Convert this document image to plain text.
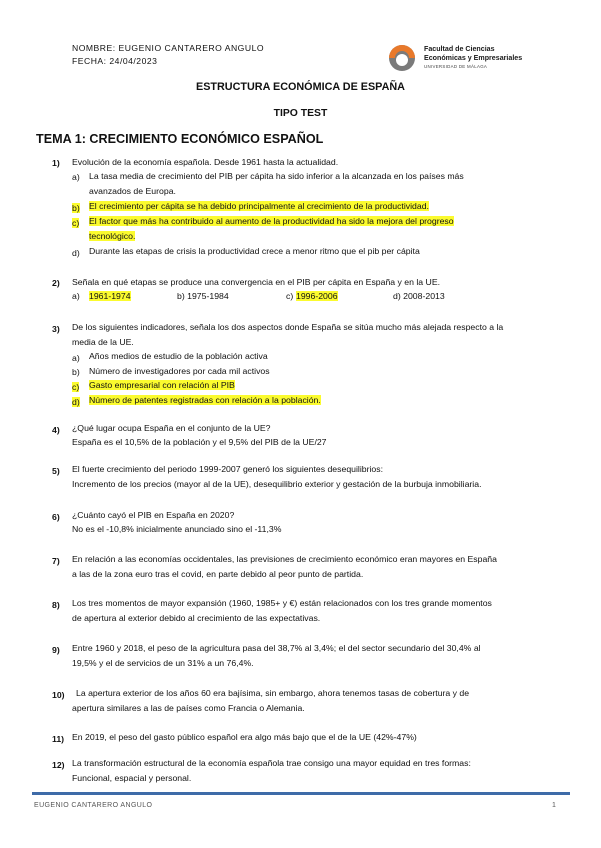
NOMBRE: EUGENIO CANTARERO ANGULO
FECHA: 24/04/2023
Facultad de Ciencias
Económicas y Empresariales
UNIVERSIDAD DE MÁLAGA
ESTRUCTURA ECONÓMICA DE ESPAÑA
TIPO TEST
TEMA 1: CRECIMIENTO ECONÓMICO ESPAÑOL
1) Evolución de la economía española. Desde 1961 hasta la actualidad.
a) La tasa media de crecimiento del PIB per cápita ha sido inferior a la alcanzada en los países más
avanzados de Europa.
b) El crecimiento per cápita se ha debido principalmente al crecimiento de la productividad.
c) El factor que más ha contribuido al aumento de la productividad ha sido la mejora del progreso
tecnológico.
d) Durante las etapas de crisis la productividad crece a menor ritmo que el pib per cápita
2) Señala en qué etapas se produce una convergencia en el PIB per cápita en España y en la UE.
a) 1961-1974	b) 1975-1984	c) 1996-2006	d) 2008-2013
3) De los siguientes indicadores, señala los dos aspectos donde España se sitúa mucho más alejada respecto a la
media de la UE.
a) Años medios de estudio de la población activa
b) Número de investigadores por cada mil activos
c) Gasto empresarial con relación al PIB
d) Número de patentes registradas con relación a la población.
4) ¿Qué lugar ocupa España en el conjunto de la UE?
España es el 10,5% de la población y el 9,5% del PIB de la UE/27
5) El fuerte crecimiento del periodo 1999-2007 generó los siguientes desequilibrios:
Incremento de los precios (mayor al de la UE), desequilibrio exterior y gestación de la burbuja inmobiliaria.
6) ¿Cuánto cayó el PIB en España en 2020?
No es el -10,8% inicialmente anunciado sino el -11,3%
7) En relación a las economías occidentales, las previsiones de crecimiento económico eran mayores en España
a las de la zona euro tras el covid, en parte debido al peor punto de partida.
8) Los tres momentos de mayor expansión (1960, 1985+ y €) están relacionados con los tres grande momentos
de apertura al exterior debido al crecimiento de las expectativas.
9) Entre 1960 y 2018, el peso de la agricultura pasa del 38,7% al 3,4%; el del sector secundario del 30,4% al
19,5% y el de servicios de un 31% a un 76,4%.
10) La apertura exterior de los años 60 era bajísima, sin embargo, ahora tenemos tasas de cobertura y de
apertura similares a las de países como Francia o Alemania.
11) En 2019, el peso del gasto público español era algo más bajo que el de la UE (42%-47%)
12) La transformación estructural de la economía española trae consigo una mayor equidad en tres formas:
Funcional, espacial y personal.
EUGENIO CANTARERO ANGULO	1
